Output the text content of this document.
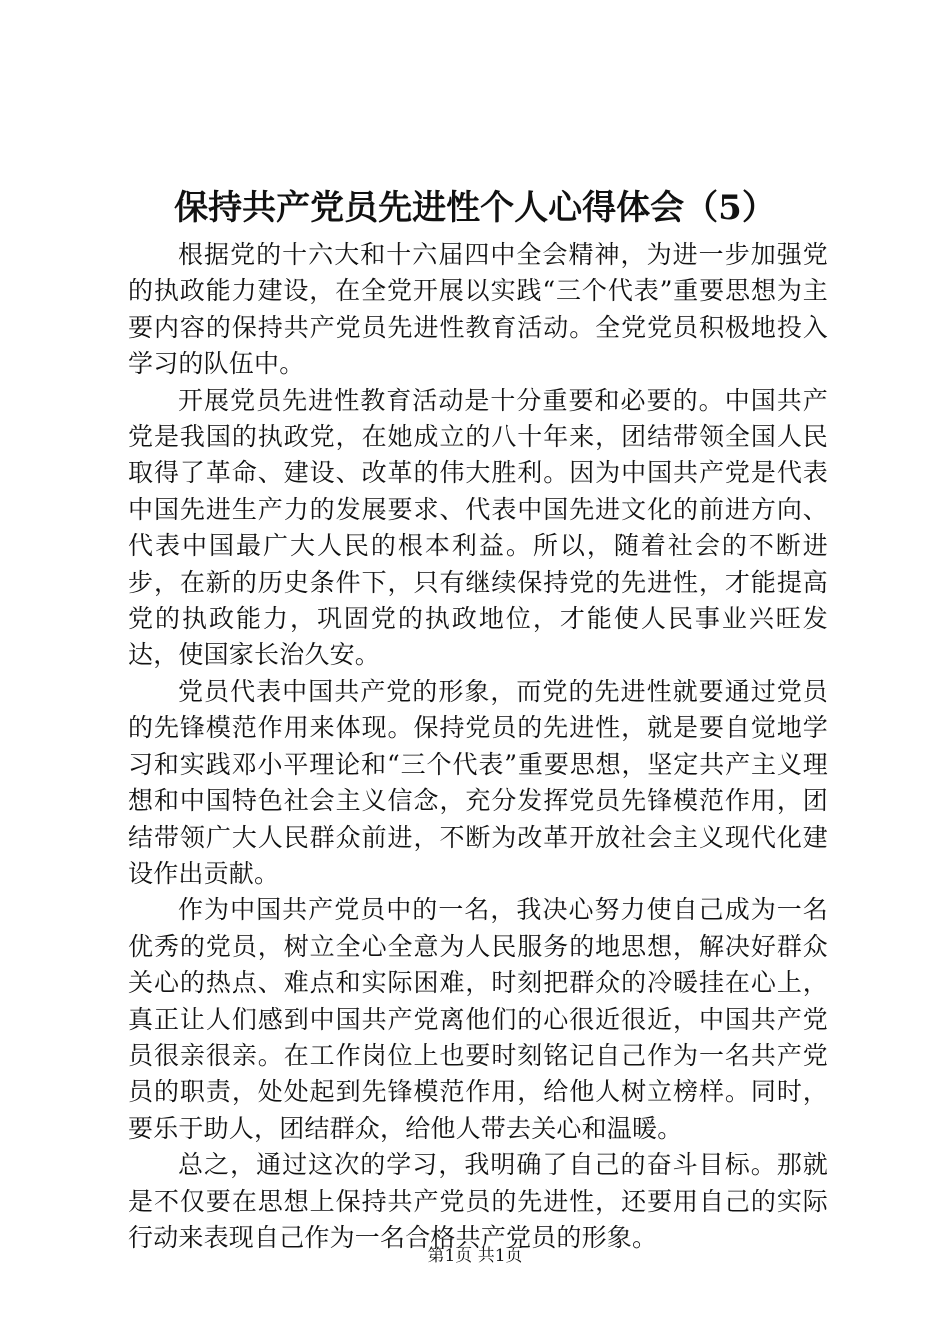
保持共产党员先进性个人心得体会（5）

根据党的十六大和十六届四中全会精神，为进一步加强党的执政能力建设，在全党开展以实践“三个代表”重要思想为主要内容的保持共产党员先进性教育活动。全党党员积极地投入学习的队伍中。

开展党员先进性教育活动是十分重要和必要的。中国共产党是我国的执政党，在她成立的八十年来，团结带领全国人民取得了革命、建设、改革的伟大胜利。因为中国共产党是代表中国先进生产力的发展要求、代表中国先进文化的前进方向、代表中国最广大人民的根本利益。所以，随着社会的不断进步，在新的历史条件下，只有继续保持党的先进性，才能提高党的执政能力，巩固党的执政地位，才能使人民事业兴旺发达，使国家长治久安。

党员代表中国共产党的形象，而党的先进性就要通过党员的先锋模范作用来体现。保持党员的先进性，就是要自觉地学习和实践邓小平理论和“三个代表”重要思想，坚定共产主义理想和中国特色社会主义信念，充分发挥党员先锋模范作用，团结带领广大人民群众前进，不断为改革开放社会主义现代化建设作出贡献。

作为中国共产党员中的一名，我决心努力使自己成为一名优秀的党员，树立全心全意为人民服务的地思想，解决好群众关心的热点、难点和实际困难，时刻把群众的冷暖挂在心上，真正让人们感到中国共产党离他们的心很近很近，中国共产党员很亲很亲。在工作岗位上也要时刻铭记自己作为一名共产党员的职责，处处起到先锋模范作用，给他人树立榜样。同时，要乐于助人，团结群众，给他人带去关心和温暖。

总之，通过这次的学习，我明确了自己的奋斗目标。那就是不仅要在思想上保持共产党员的先进性，还要用自己的实际行动来表现自己作为一名合格共产党员的形象。

第1页 共1页
